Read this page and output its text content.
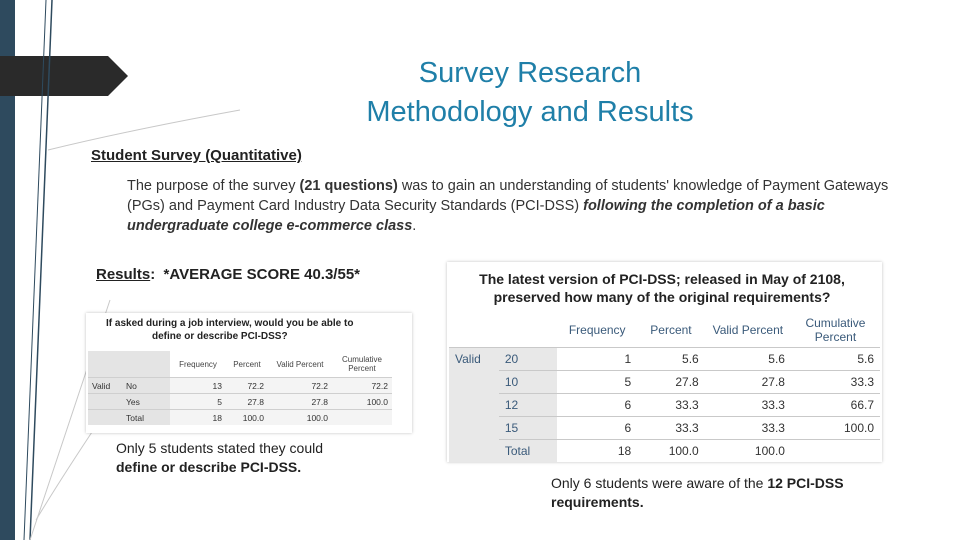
Survey Research
Methodology and Results
Student Survey (Quantitative)
The purpose of the survey (21 questions) was to gain an understanding of students' knowledge of Payment Gateways (PGs) and Payment Card Industry Data Security Standards (PCI-DSS) following the completion of a basic undergraduate college e-commerce class.
Results: *AVERAGE SCORE 40.3/55*
If asked during a job interview, would you be able to
define or describe PCI-DSS?
		Frequency	Percent	Valid Percent	Cumulative Percent
Valid	No	13	72.2	72.2	72.2
	Yes	5	27.8	27.8	100.0
	Total	18	100.0	100.0	
Only 5 students stated they could
define or describe PCI-DSS.
The latest version of PCI-DSS; released in May of 2108,
preserved how many of the original requirements?
		Frequency	Percent	Valid Percent	Cumulative Percent
Valid	20	1	5.6	5.6	5.6
	10	5	27.8	27.8	33.3
	12	6	33.3	33.3	66.7
	15	6	33.3	33.3	100.0
	Total	18	100.0	100.0	
Only 6 students were aware of the 12 PCI-DSS requirements.
